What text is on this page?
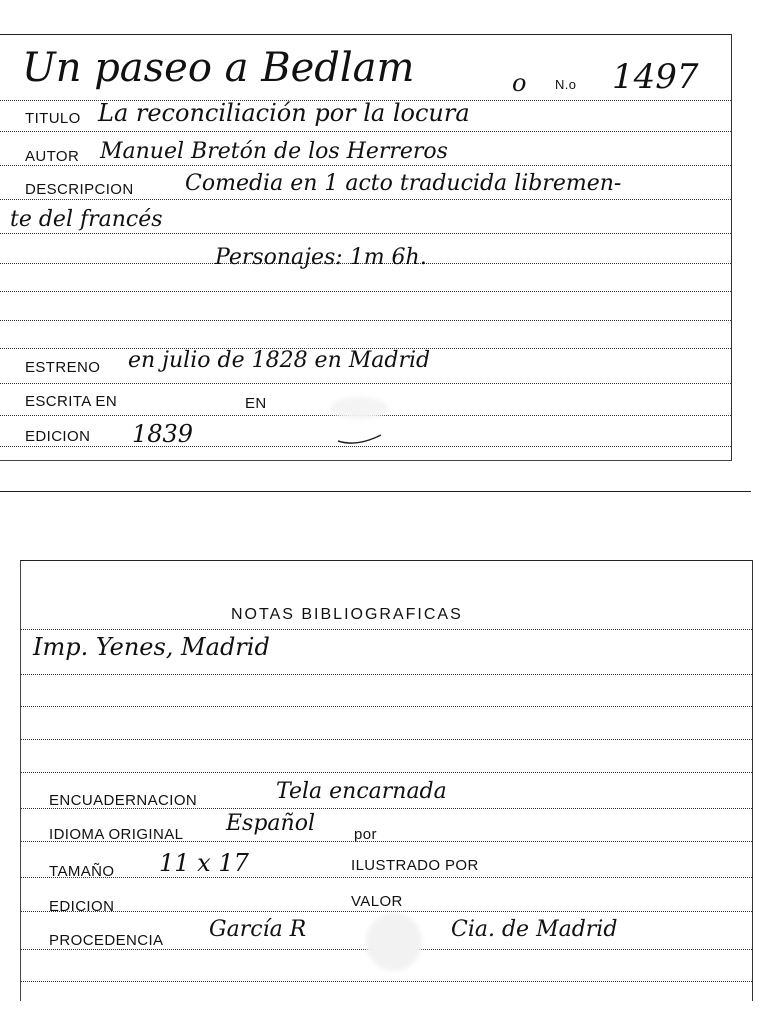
Un paseo a Bedlam	o N.o 1497
TITULO La reconciliación por la locura
AUTOR Manuel Bretón de los Herreros
DESCRIPCION Comedia en 1 acto traducida libremen-
te del francés
Personajes: 1m 6h.
ESTRENO en julio de 1828 en Madrid
ESCRITA EN	EN
EDICION 1839
NOTAS BIBLIOGRAFICAS
Imp. Yenes, Madrid
ENCUADERNACION	Tela encarnada
IDIOMA ORIGINAL Español	por
TAMAÑO 11 x 17	ILUSTRADO POR
EDICION	VALOR
PROCEDENCIA García R	Cia. de Madrid
